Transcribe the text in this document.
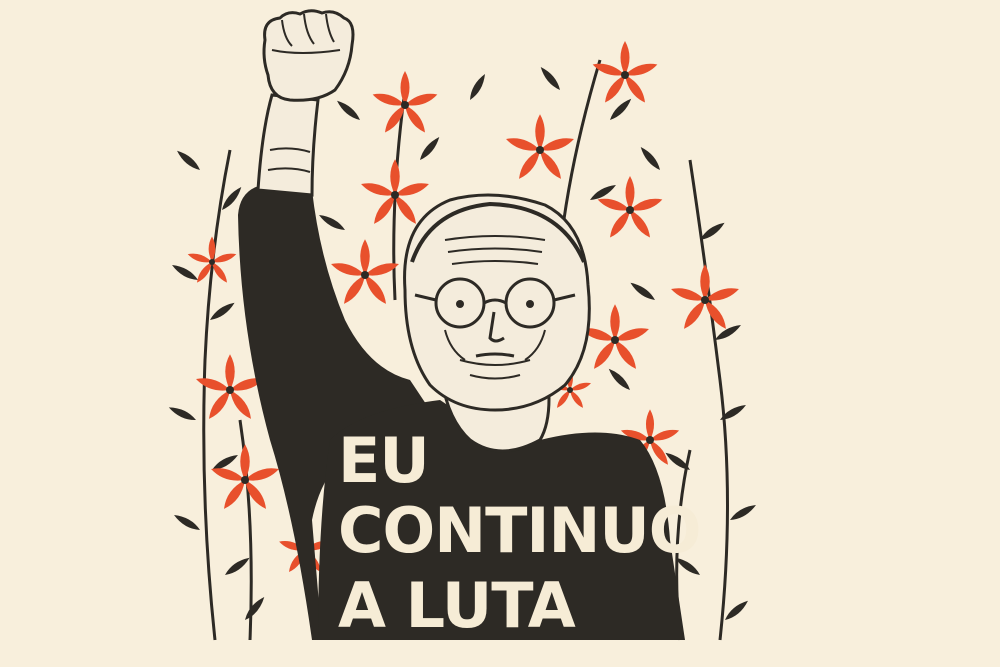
EU
CONTINUO
A LUTA
